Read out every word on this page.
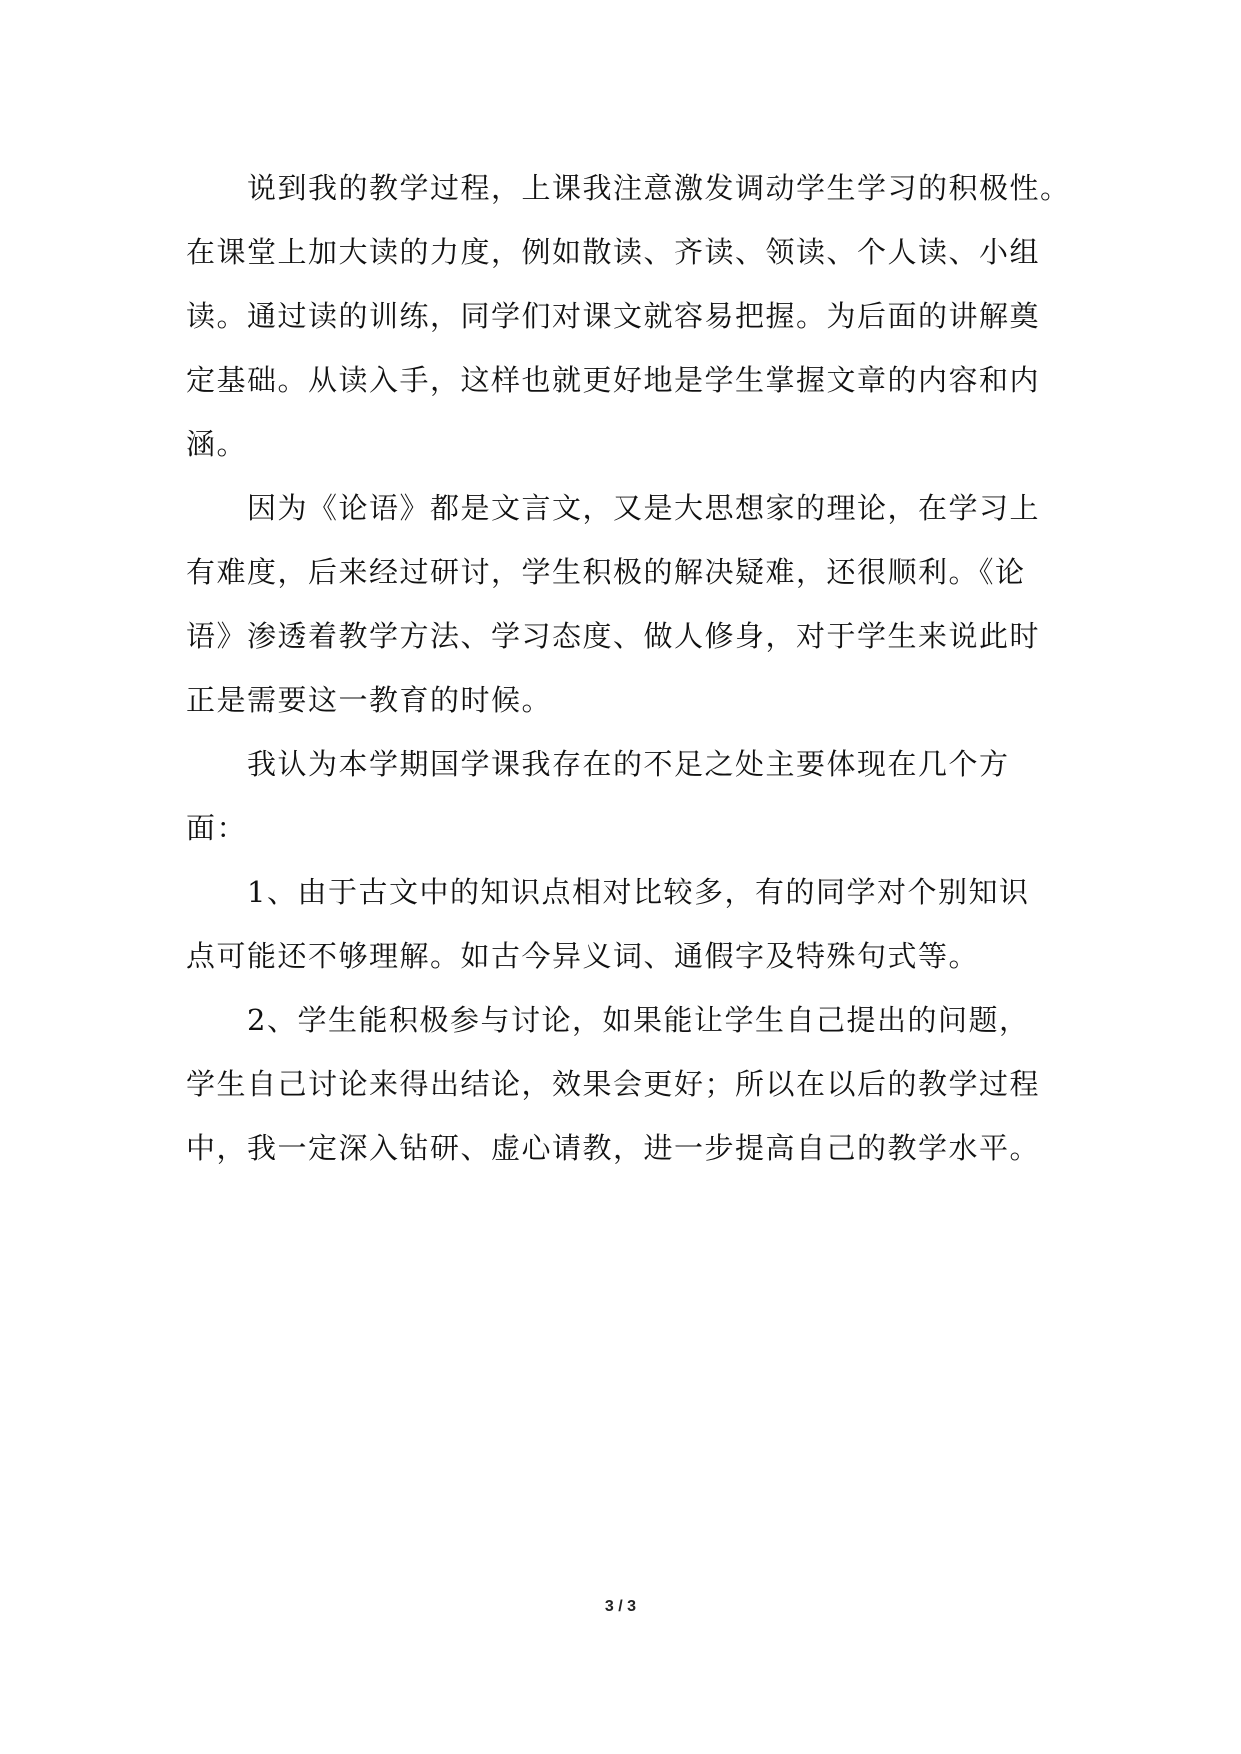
说到我的教学过程，上课我注意激发调动学生学习的积极性。
在课堂上加大读的力度，例如散读、齐读、领读、个人读、小组
读。通过读的训练，同学们对课文就容易把握。为后面的讲解奠
定基础。从读入手，这样也就更好地是学生掌握文章的内容和内
涵。
因为《论语》都是文言文，又是大思想家的理论，在学习上
有难度，后来经过研讨，学生积极的解决疑难，还很顺利。《论
语》渗透着教学方法、学习态度、做人修身，对于学生来说此时
正是需要这一教育的时候。
我认为本学期国学课我存在的不足之处主要体现在几个方
面：
1、由于古文中的知识点相对比较多，有的同学对个别知识
点可能还不够理解。如古今异义词、通假字及特殊句式等。
2、学生能积极参与讨论，如果能让学生自己提出的问题，
学生自己讨论来得出结论，效果会更好；所以在以后的教学过程
中，我一定深入钻研、虚心请教，进一步提高自己的教学水平。
3 / 3
